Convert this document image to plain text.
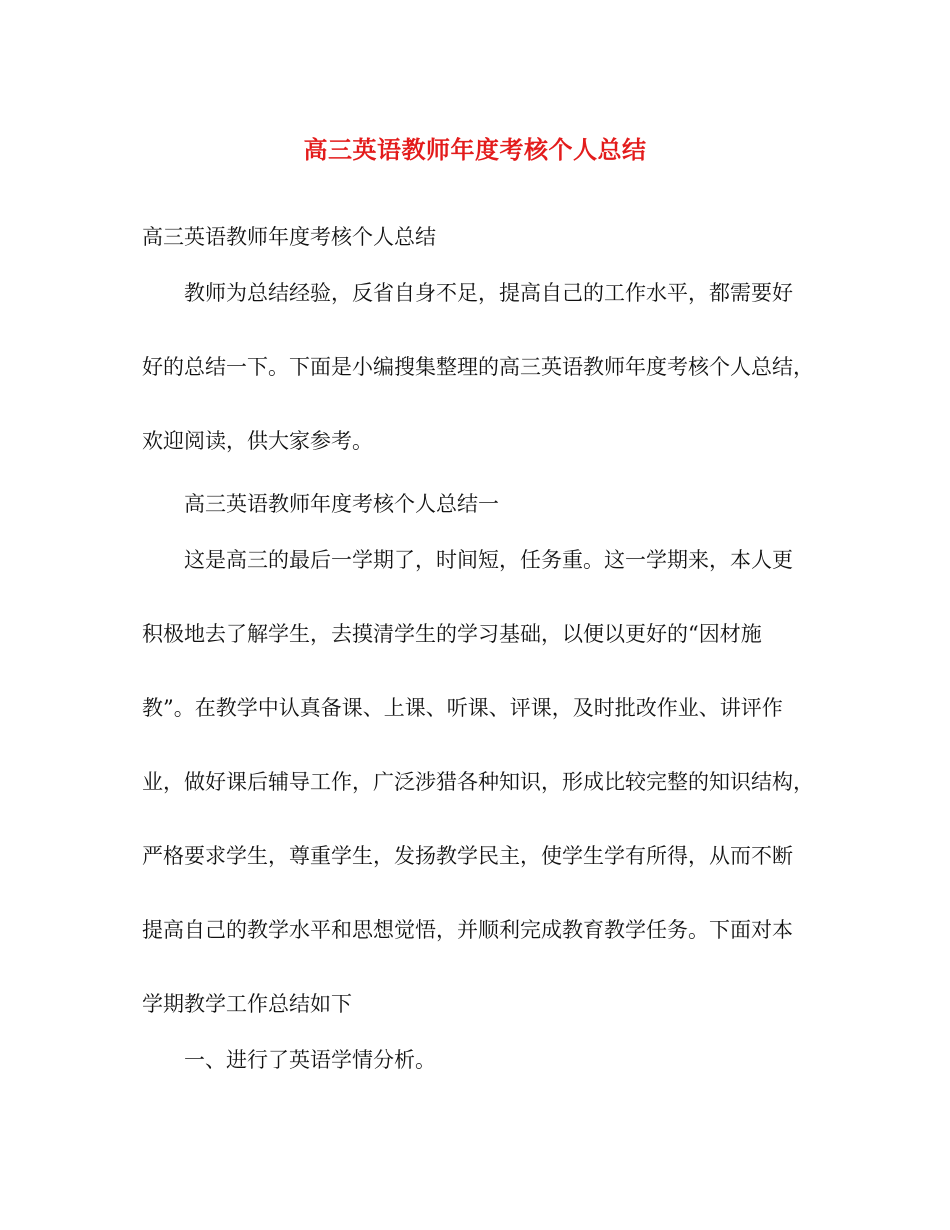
高三英语教师年度考核个人总结
高三英语教师年度考核个人总结
教师为总结经验，反省自身不足，提高自己的工作水平，都需要好
好的总结一下。下面是小编搜集整理的高三英语教师年度考核个人总结，
欢迎阅读，供大家参考。
高三英语教师年度考核个人总结一
这是高三的最后一学期了，时间短，任务重。这一学期来，本人更
积极地去了解学生，去摸清学生的学习基础，以便以更好的“因材施
教”。在教学中认真备课、上课、听课、评课，及时批改作业、讲评作
业，做好课后辅导工作，广泛涉猎各种知识，形成比较完整的知识结构，
严格要求学生，尊重学生，发扬教学民主，使学生学有所得，从而不断
提高自己的教学水平和思想觉悟，并顺利完成教育教学任务。下面对本
学期教学工作总结如下
一、进行了英语学情分析。
